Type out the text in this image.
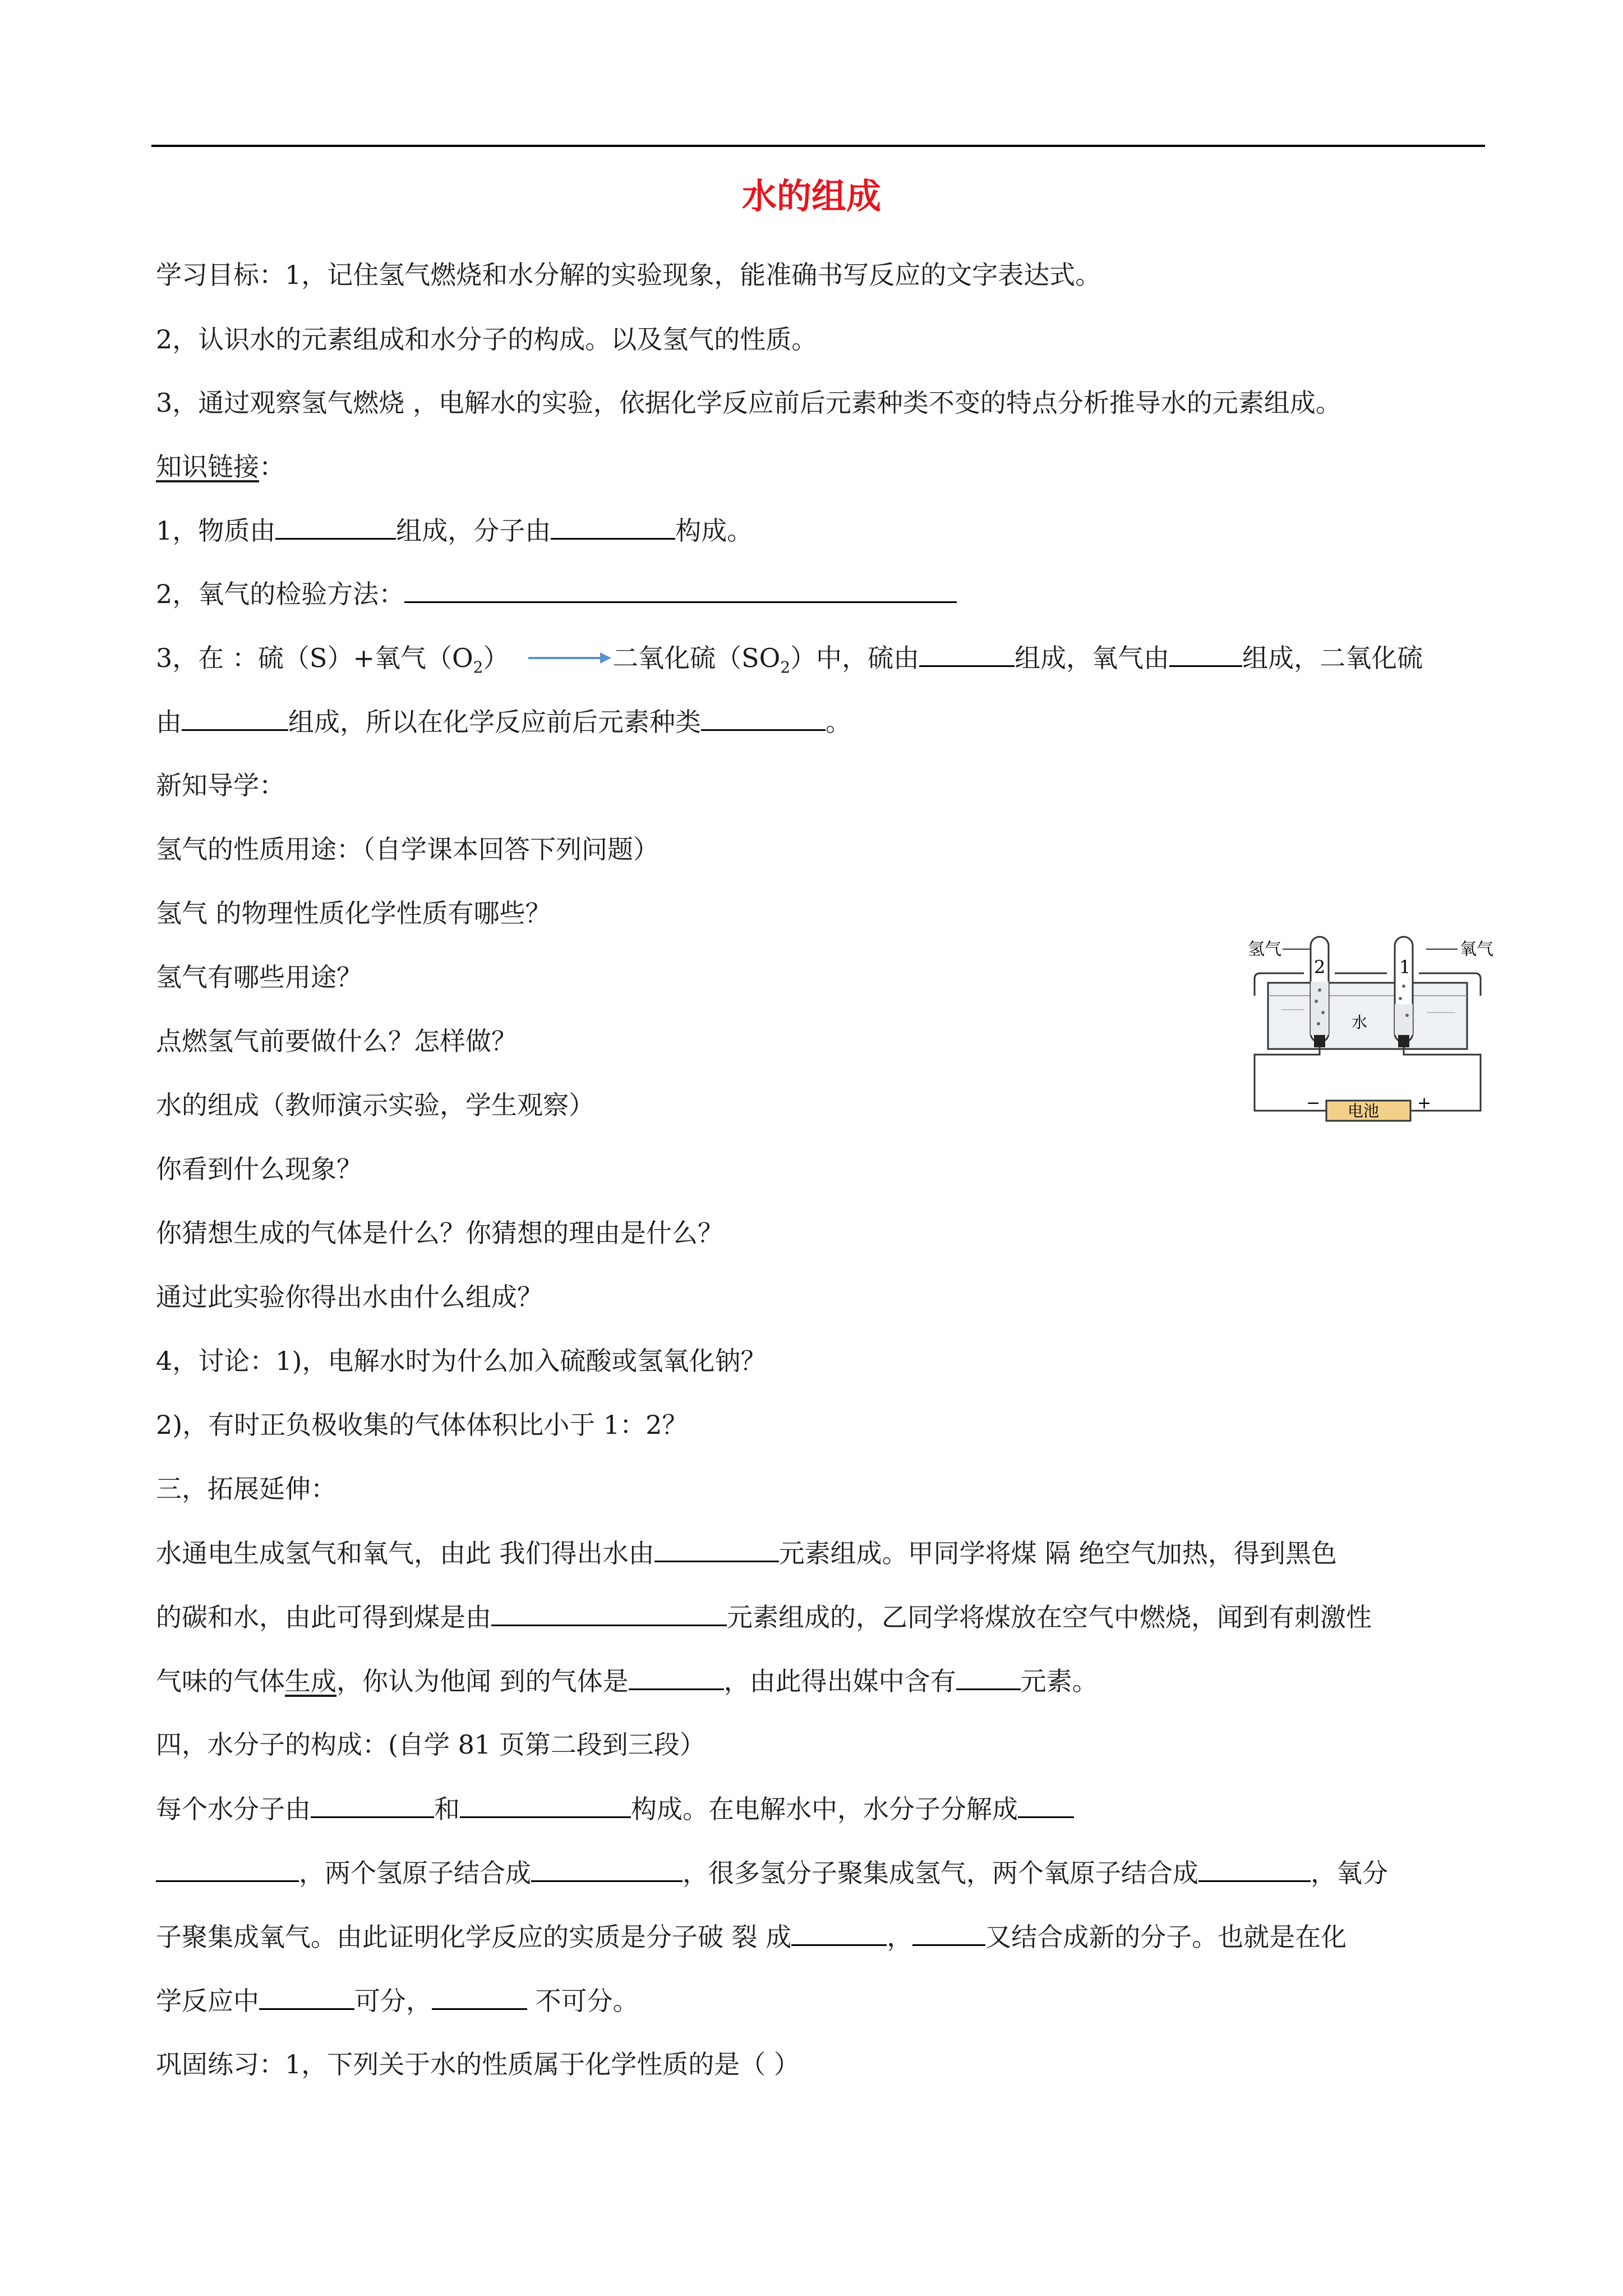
水的组成
学习目标：1，记住氢气燃烧和水分解的实验现象，能准确书写反应的文字表达式。
2，认识水的元素组成和水分子的构成。以及氢气的性质。
3，通过观察氢气燃烧 ，电解水的实验，依据化学反应前后元素种类不变的特点分析推导水的元素组成。
知识链接：
1，物质由	组成，分子由	构成。
2，氧气的检验方法：
3，在 ：硫（S）+氧气$(O_2)$ →二氧化硫$(SO_2)$中，硫由	组成，氧气由	组成，二氧化硫
由	组成，所以在化学反应前后元素种类	。
新知导学：
氢气的性质用途：（自学课本回答下列问题）
氢气 的物理性质化学性质有哪些？
氢气有哪些用途？
点燃氢气前要做什么？怎样做？
水的组成（教师演示实验，学生观察）
你看到什么现象？
你猜想生成的气体是什么？你猜想的理由是什么？
通过此实验你得出水由什么组成？
4，讨论：1)，电解水时为什么加入硫酸或氢氧化钠？
2)，有时正负极收集的气体体积比小于 1：2？
氢气	氧气
水
2	1
电池
−	+
三，拓展延伸：
水通电生成氢气和氧气，由此 我们得出水由	元素组成。甲同学将煤 隔 绝空气加热，得到黑色
的碳和水，由此可得到煤是由	元素组成的，乙同学将煤放在空气中燃烧，闻到有刺激性
气味的气体生成，你认为他闻 到的气体是	，由此得出媒中含有	元素。
四，水分子的构成：(自学 81 页第二段到三段）
每个水分子由	和	构成。在电解水中，水分子分解成
，两个氢原子结合成	，很多氢分子聚集成氢气，两个氧原子结合成	，氧分
子聚集成氧气。由此证明化学反应的实质是分子破 裂 成	，	又结合成新的分子。也就是在化
学反应中	可分，	不可分。
巩固练习：1，下列关于水的性质属于化学性质的是（ ）
